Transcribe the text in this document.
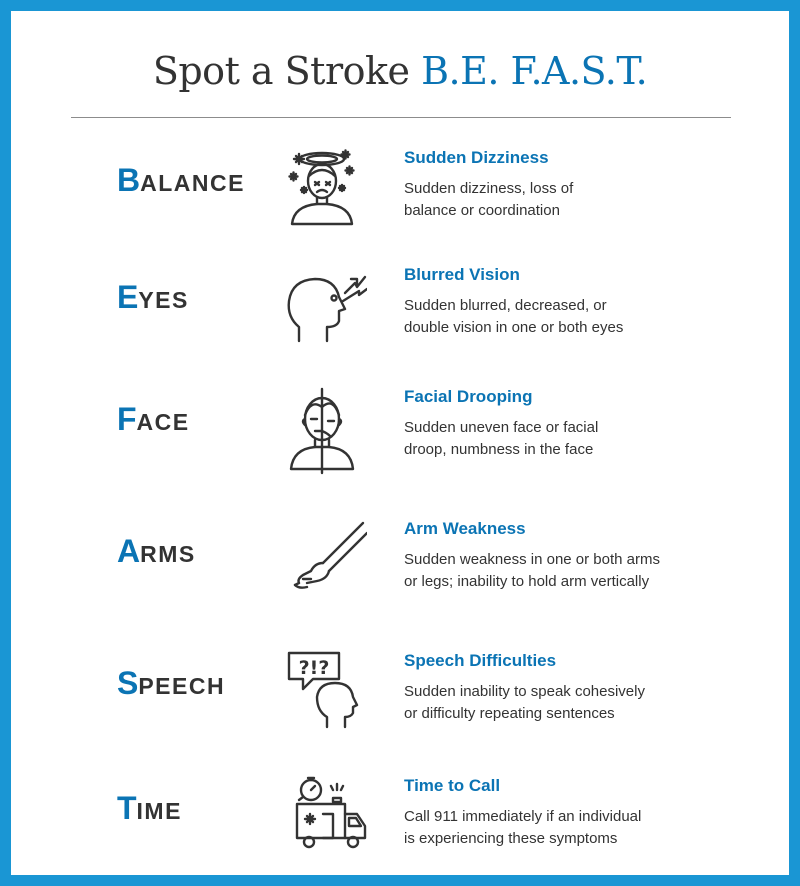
Spot a Stroke B.E. F.A.S.T.
BALANCE
Sudden Dizziness
Sudden dizziness, loss of
balance or coordination
EYES
Blurred Vision
Sudden blurred, decreased, or
double vision in one or both eyes
FACE
Facial Drooping
Sudden uneven face or facial
droop, numbness in the face
ARMS
Arm Weakness
Sudden weakness in one or both arms
or legs; inability to hold arm vertically
SPEECH
?!?	Speech Difficulties
Sudden inability to speak cohesively
or difficulty repeating sentences
TIME
Time to Call
Call 911 immediately if an individual
is experiencing these symptoms
